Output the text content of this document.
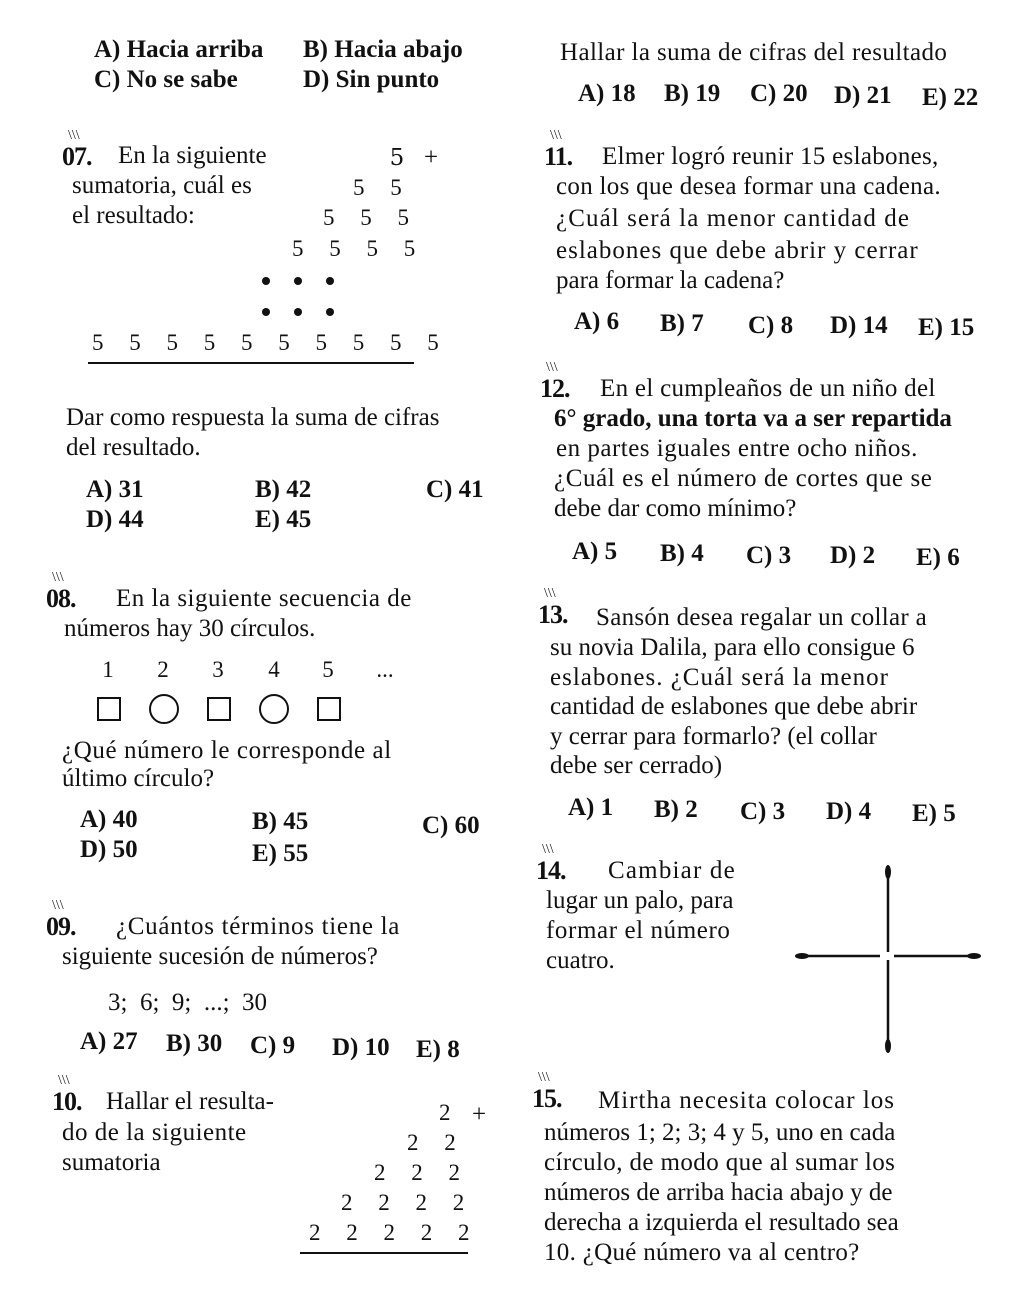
A) Hacia arriba B) Hacia abajo
C) No se sabe	D) Sin punto
\\\ 07. En la siguiente
sumatoria, cuál es
el resultado:
5 +
5 5
5 5 5
5 5 5 5
5 5 5 5 5 5 5 5 5 5
Dar como respuesta la suma de cifras
del resultado.
A) 31	B) 42	C) 41
D) 44	E) 45
\\\ 08. En la siguiente secuencia de
números hay 30 círculos.
1 2 3 4 5 ...
¿Qué número le corresponde al
último círculo?
A) 40	B) 45	C) 60
D) 50	E) 55
\\\ 09. ¿Cuántos términos tiene la
siguiente sucesión de números?
3;  6;  9;  ...;  30
A) 27 B) 30 C) 9 D) 10 E) 8
\\\ 10. Hallar el resulta-
do de la siguiente
sumatoria
2 +
2 2
2 2 2
2 2 2 2
2 2 2 2 2
Hallar la suma de cifras del resultado
A) 18 B) 19 C) 20 D) 21 E) 22
\\\ 11. Elmer logró reunir 15 eslabones,
con los que desea formar una cadena.
¿Cuál será la menor cantidad de
eslabones que debe abrir y cerrar
para formar la cadena?
A) 6 B) 7 C) 8 D) 14 E) 15
\\\ 12. En el cumpleaños de un niño del
6° grado, una torta va a ser repartida
en partes iguales entre ocho niños.
¿Cuál es el número de cortes que se
debe dar como mínimo?
A) 5 B) 4 C) 3 D) 2 E) 6
\\\ 13. Sansón desea regalar un collar a
su novia Dalila, para ello consigue 6
eslabones. ¿Cuál será la menor
cantidad de eslabones que debe abrir
y cerrar para formarlo? (el collar
debe ser cerrado)
A) 1 B) 2 C) 3 D) 4 E) 5
\\\ 14. Cambiar de
lugar un palo, para
formar el número
cuatro.
\\\ 15. Mirtha necesita colocar los
números 1; 2; 3; 4 y 5, uno en cada
círculo, de modo que al sumar los
números de arriba hacia abajo y de
derecha a izquierda el resultado sea
10. ¿Qué número va al centro?
